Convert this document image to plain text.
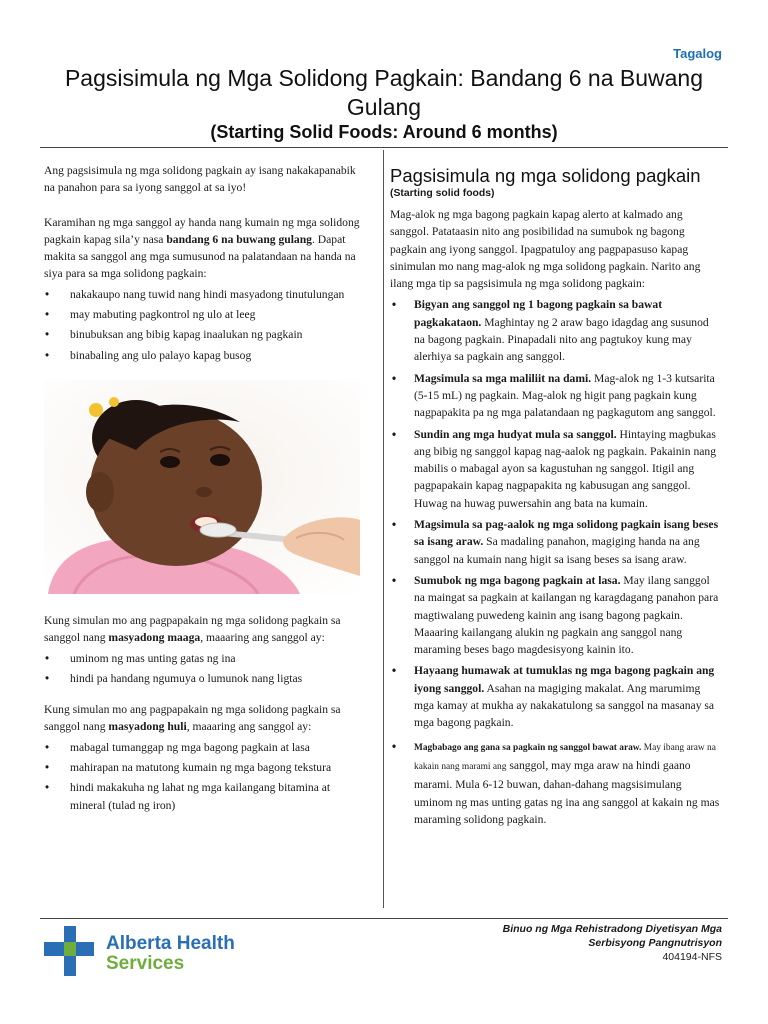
Tagalog
Pagsisimula ng Mga Solidong Pagkain: Bandang 6 na Buwang Gulang
(Starting Solid Foods: Around 6 months)

Ang pagsisimula ng mga solidong pagkain ay isang nakakapanabik na panahon para sa iyong sanggol at sa iyo!

Karamihan ng mga sanggol ay handa nang kumain ng mga solidong pagkain kapag sila’y nasa bandang 6 na buwang gulang. Dapat makita sa sanggol ang mga sumusunod na palatandaan na handa na siya para sa mga solidong pagkain:

• nakakaupo nang tuwid nang hindi masyadong tinutulungan
• may mabuting pagkontrol ng ulo at leeg
• binubuksan ang bibig kapag inaalukan ng pagkain
• binabaling ang ulo palayo kapag busog

Kung simulan mo ang pagpapakain ng mga solidong pagkain sa sanggol nang masyadong maaga, maaaring ang sanggol ay:

• uminom ng mas unting gatas ng ina
• hindi pa handang ngumuya o lumunok nang ligtas

Kung simulan mo ang pagpapakain ng mga solidong pagkain sa sanggol nang masyadong huli, maaaring ang sanggol ay:

• mabagal tumanggap ng mga bagong pagkain at lasa
• mahirapan na matutong kumain ng mga bagong tekstura
• hindi makakuha ng lahat ng mga kailangang bitamina at mineral (tulad ng iron)
Pagsisimula ng mga solidong pagkain
(Starting solid foods)

Mag-alok ng mga bagong pagkain kapag alerto at kalmado ang sanggol. Patataasin nito ang posibilidad na sumubok ng bagong pagkain ang iyong sanggol. Ipagpatuloy ang pagpapasuso kapag sinimulan mo nang mag-alok ng mga solidong pagkain. Narito ang ilang mga tip sa pagsisimula ng mga solidong pagkain:

• Bigyan ang sanggol ng 1 bagong pagkain sa bawat pagkakataon. Maghintay ng 2 araw bago idagdag ang susunod na bagong pagkain. Pinapadali nito ang pagtukoy kung may alerhiya sa pagkain ang sanggol.
• Magsimula sa mga maliliit na dami. Mag-alok ng 1-3 kutsarita (5-15 mL) ng pagkain. Mag-alok ng higit pang pagkain kung nagpapakita pa ng mga palatandaan ng pagkagutom ang sanggol.
• Sundin ang mga hudyat mula sa sanggol. Hintaying magbukas ang bibig ng sanggol kapag nag-aalok ng pagkain. Pakainin nang mabilis o mabagal ayon sa kagustuhan ng sanggol. Itigil ang pagpapakain kapag nagpapakita ng kabusugan ang sanggol. Huwag na huwag puwersahin ang bata na kumain.
• Magsimula sa pag-aalok ng mga solidong pagkain isang beses sa isang araw. Sa madaling panahon, magiging handa na ang sanggol na kumain nang higit sa isang beses sa isang araw.
• Sumubok ng mga bagong pagkain at lasa. May ilang sanggol na maingat sa pagkain at kailangan ng karagdagang panahon para magtiwalang puwedeng kainin ang isang bagong pagkain. Maaaring kailangang alukin ng pagkain ang sanggol nang maraming beses bago magdesisyong kainin ito.
• Hayaang humawak at tumuklas ng mga bagong pagkain ang iyong sanggol. Asahan na magiging makalat. Ang marumimg mga kamay at mukha ay nakakatulong sa sanggol na masanay sa mga bagong pagkain.
• Magbabago ang gana sa pagkain ng sanggol bawat araw. May ibang araw na kakain nang marami ang sanggol, may mga araw na hindi gaano marami. Mula 6-12 buwan, dahan-dahang magsisimulang uminom ng mas unting gatas ng ina ang sanggol at kakain ng mas maraming solidong pagkain.
Alberta Health
Services
Binuo ng Mga Rehistradong Diyetisyan Mga
Serbisyong Pangnutrisyon
404194-NFS
